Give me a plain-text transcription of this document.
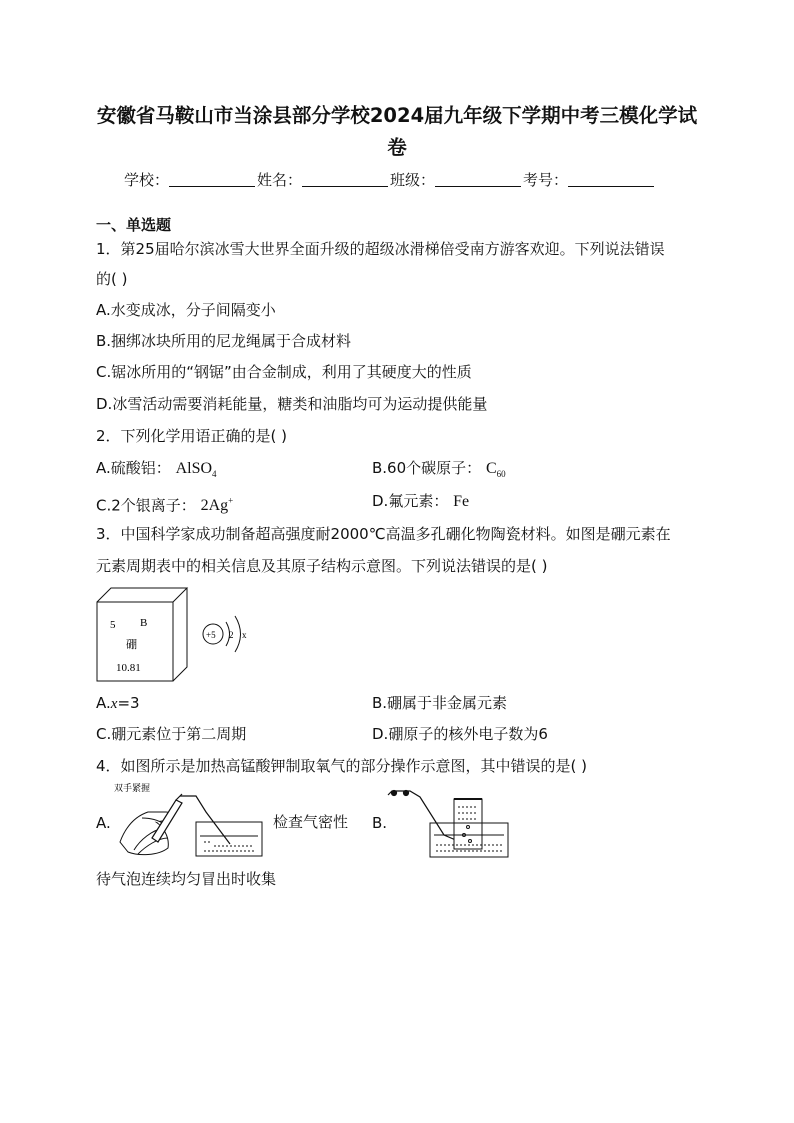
安徽省马鞍山市当涂县部分学校2024届九年级下学期中考三模化学试
卷
学校：	姓名：	班级：	考号：
一、单选题
1．第25届哈尔滨冰雪大世界全面升级的超级冰滑梯倍受南方游客欢迎。下列说法错误
的( )
A.水变成冰，分子间隔变小
B.捆绑冰块所用的尼龙绳属于合成材料
C.锯冰所用的“钢锯”由合金制成，利用了其硬度大的性质
D.冰雪活动需要消耗能量，糖类和油脂均可为运动提供能量
2．下列化学用语正确的是( )
A.硫酸铝： AlSO$_4$	B.60个碳原子： $C_{60}$
C.2个银离子： 2Ag+	D.氟元素： Fe
3．中国科学家成功制备超高强度耐2000℃高温多孔硼化物陶瓷材料。如图是硼元素在
元素周期表中的相关信息及其原子结构示意图。下列说法错误的是( )
5 B
硼
10.81
+5 2 x
A.x=3	B.硼属于非金属元素
C.硼元素位于第二周期	D.硼原子的核外电子数为6
4．如图所示是加热高锰酸钾制取氧气的部分操作示意图，其中错误的是( )
A.
双手紧握
检查气密性 B.
待气泡连续均匀冒出时收集
